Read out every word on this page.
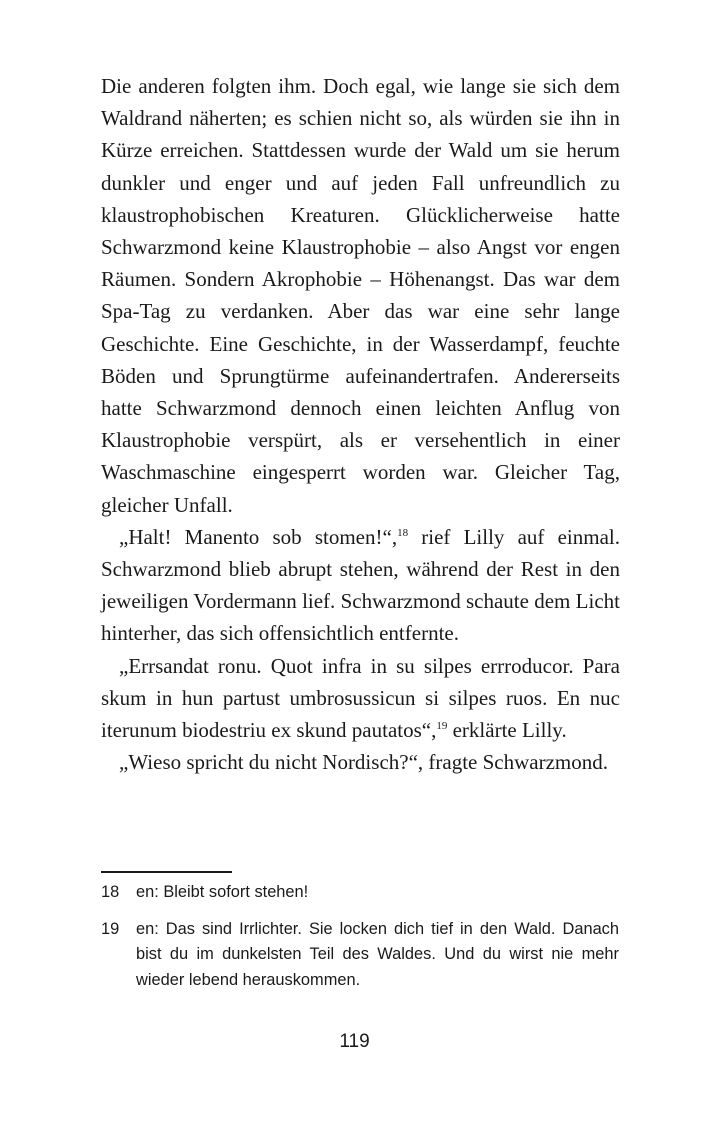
Die anderen folgten ihm. Doch egal, wie lange sie sich dem Waldrand näherten; es schien nicht so, als würden sie ihn in Kürze erreichen. Stattdessen wurde der Wald um sie herum dunkler und enger und auf jeden Fall unfreundlich zu klaustrophobischen Kreaturen. Glücklicherweise hatte Schwarzmond keine Klaustrophobie – also Angst vor engen Räumen. Sondern Akrophobie – Höhenangst. Das war dem Spa-Tag zu verdanken. Aber das war eine sehr lange Geschichte. Eine Geschichte, in der Wasserdampf, feuchte Böden und Sprungtürme aufeinandertrafen. Andererseits hatte Schwarzmond dennoch einen leichten Anflug von Klaustrophobie verspürt, als er versehentlich in einer Waschmaschine eingesperrt worden war. Gleicher Tag, gleicher Unfall.

„Halt! Manento sob stomen!“,$^{18}$ rief Lilly auf einmal. Schwarzmond blieb abrupt stehen, während der Rest in den jeweiligen Vordermann lief. Schwarzmond schaute dem Licht hinterher, das sich offensichtlich entfernte.

„Errsandat ronu. Quot infra in su silpes errroducor. Para skum in hun partust umbrosussicun si silpes ruos. En nuc iterunum biodestriu ex skund pautatos“,$^{19}$ erklärte Lilly.

„Wieso spricht du nicht Nordisch?“, fragte Schwarzmond.

18	en: Bleibt sofort stehen!
19	en: Das sind Irrlichter. Sie locken dich tief in den Wald. Danach bist du im dunkelsten Teil des Waldes. Und du wirst nie mehr wieder lebend herauskommen.
119
